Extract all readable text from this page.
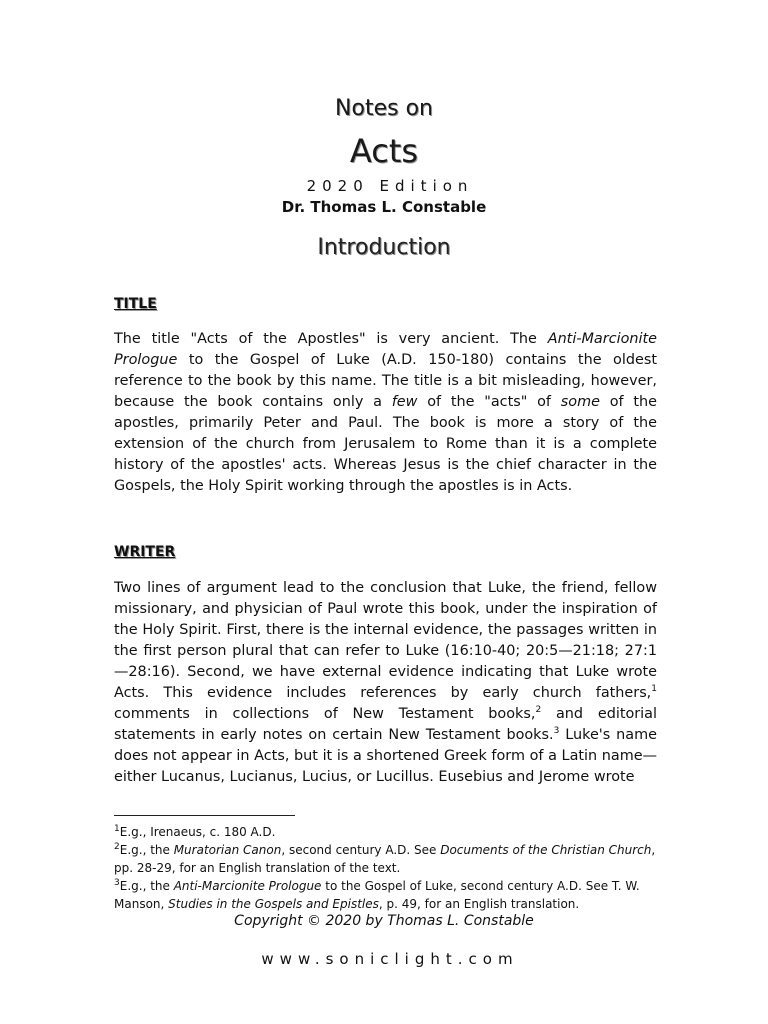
Notes on
Acts
2020 Edition
Dr. Thomas L. Constable
Introduction
TITLE

The title "Acts of the Apostles" is very ancient. The Anti-Marcionite Prologue to the Gospel of Luke (A.D. 150-180) contains the oldest reference to the book by this name. The title is a bit misleading, however, because the book contains only a few of the "acts" of some of the apostles, primarily Peter and Paul. The book is more a story of the extension of the church from Jerusalem to Rome than it is a complete history of the apostles' acts. Whereas Jesus is the chief character in the Gospels, the Holy Spirit working through the apostles is in Acts.

WRITER

Two lines of argument lead to the conclusion that Luke, the friend, fellow missionary, and physician of Paul wrote this book, under the inspiration of the Holy Spirit. First, there is the internal evidence, the passages written in the first person plural that can refer to Luke (16:10-40; 20:5—21:18; 27:1—28:16). Second, we have external evidence indicating that Luke wrote Acts. This evidence includes references by early church fathers,$^1$ comments in collections of New Testament books,$^2$ and editorial statements in early notes on certain New Testament books.$^3$ Luke's name does not appear in Acts, but it is a shortened Greek form of a Latin name—either Lucanus, Lucianus, Lucius, or Lucillus. Eusebius and Jerome wrote

$^1$E.g., Irenaeus, c. 180 A.D.

$^2$E.g., the Muratorian Canon, second century A.D. See Documents of the Christian Church, pp. 28-29, for an English translation of the text.

$^3$E.g., the Anti-Marcionite Prologue to the Gospel of Luke, second century A.D. See T. W. Manson, Studies in the Gospels and Epistles, p. 49, for an English translation.

Copyright © 2020 by Thomas L. Constable
www.soniclight.com
